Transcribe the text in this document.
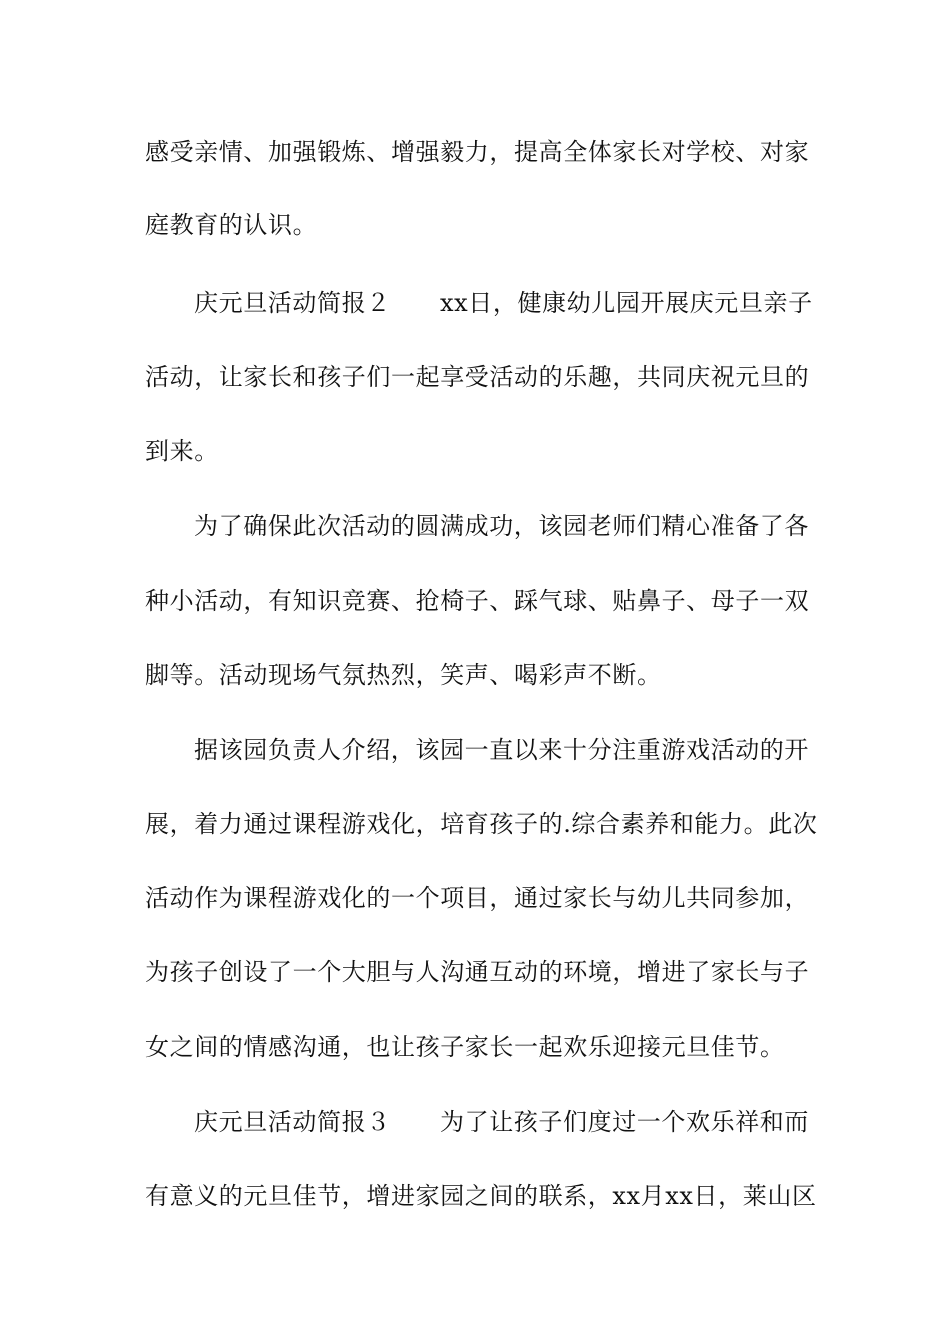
感受亲情、加强锻炼、增强毅力，提高全体家长对学校、对家
庭教育的认识。
庆元旦活动简报２　　xx日，健康幼儿园开展庆元旦亲子
活动，让家长和孩子们一起享受活动的乐趣，共同庆祝元旦的
到来。
为了确保此次活动的圆满成功，该园老师们精心准备了各
种小活动，有知识竞赛、抢椅子、踩气球、贴鼻子、母子一双
脚等。活动现场气氛热烈，笑声、喝彩声不断。
据该园负责人介绍，该园一直以来十分注重游戏活动的开
展，着力通过课程游戏化，培育孩子的.综合素养和能力。此次
活动作为课程游戏化的一个项目，通过家长与幼儿共同参加，
为孩子创设了一个大胆与人沟通互动的环境，增进了家长与子
女之间的情感沟通，也让孩子家长一起欢乐迎接元旦佳节。
庆元旦活动简报３　　为了让孩子们度过一个欢乐祥和而
有意义的元旦佳节，增进家园之间的联系，xx月xx日，莱山区
